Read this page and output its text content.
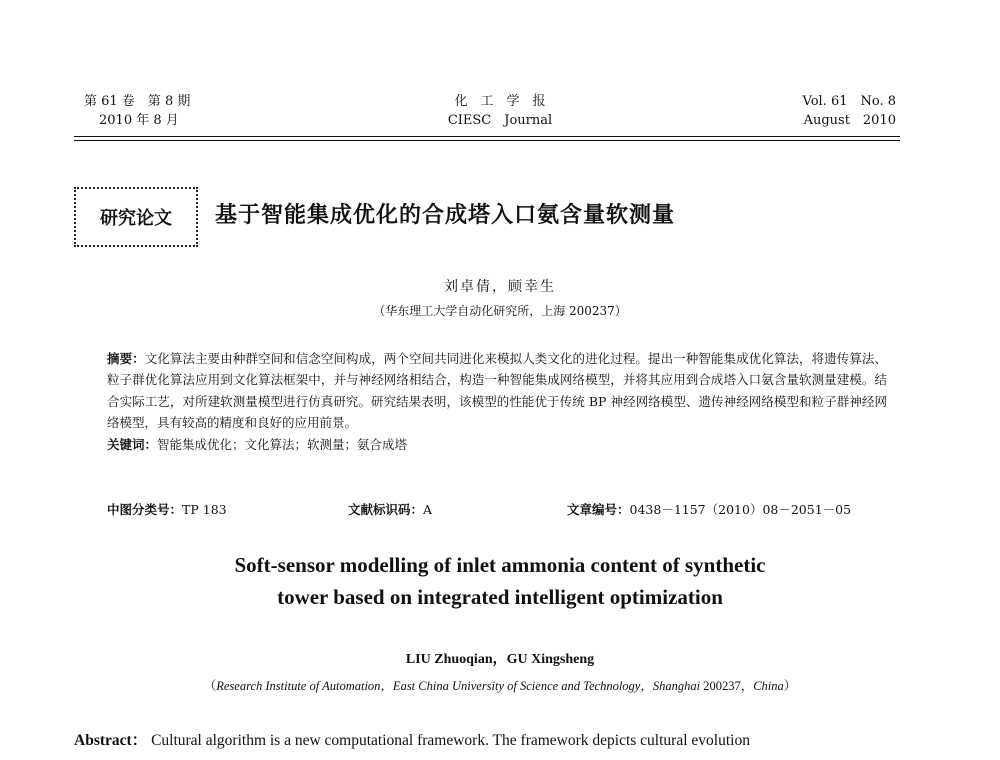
第 61 卷　第 8 期
2010 年 8 月
化　工　学　报
CIESC　Journal
Vol. 61　No. 8
August　2010
研究论文	基于智能集成优化的合成塔入口氨含量软测量
刘卓倩，顾幸生
（华东理工大学自动化研究所，上海 200237）
摘要：文化算法主要由种群空间和信念空间构成，两个空间共同进化来模拟人类文化的进化过程。提出一种智能集成优化算法，将遗传算法、粒子群优化算法应用到文化算法框架中，并与神经网络相结合，构造一种智能集成网络模型，并将其应用到合成塔入口氨含量软测量建模。结合实际工艺，对所建软测量模型进行仿真研究。研究结果表明，该模型的性能优于传统 BP 神经网络模型、遗传神经网络模型和粒子群神经网络模型，具有较高的精度和良好的应用前景。
关键词：智能集成优化；文化算法；软测量；氨合成塔
中图分类号：TP 183	文献标识码：A	文章编号：0438－1157（2010）08－2051－05
Soft-sensor modelling of inlet ammonia content of synthetic
tower based on integrated intelligent optimization
LIU Zhuoqian，GU Xingsheng
（Research Institute of Automation，East China University of Science and Technology，Shanghai 200237，China）
Abstract： Cultural algorithm is a new computational framework. The framework depicts cultural evolution
